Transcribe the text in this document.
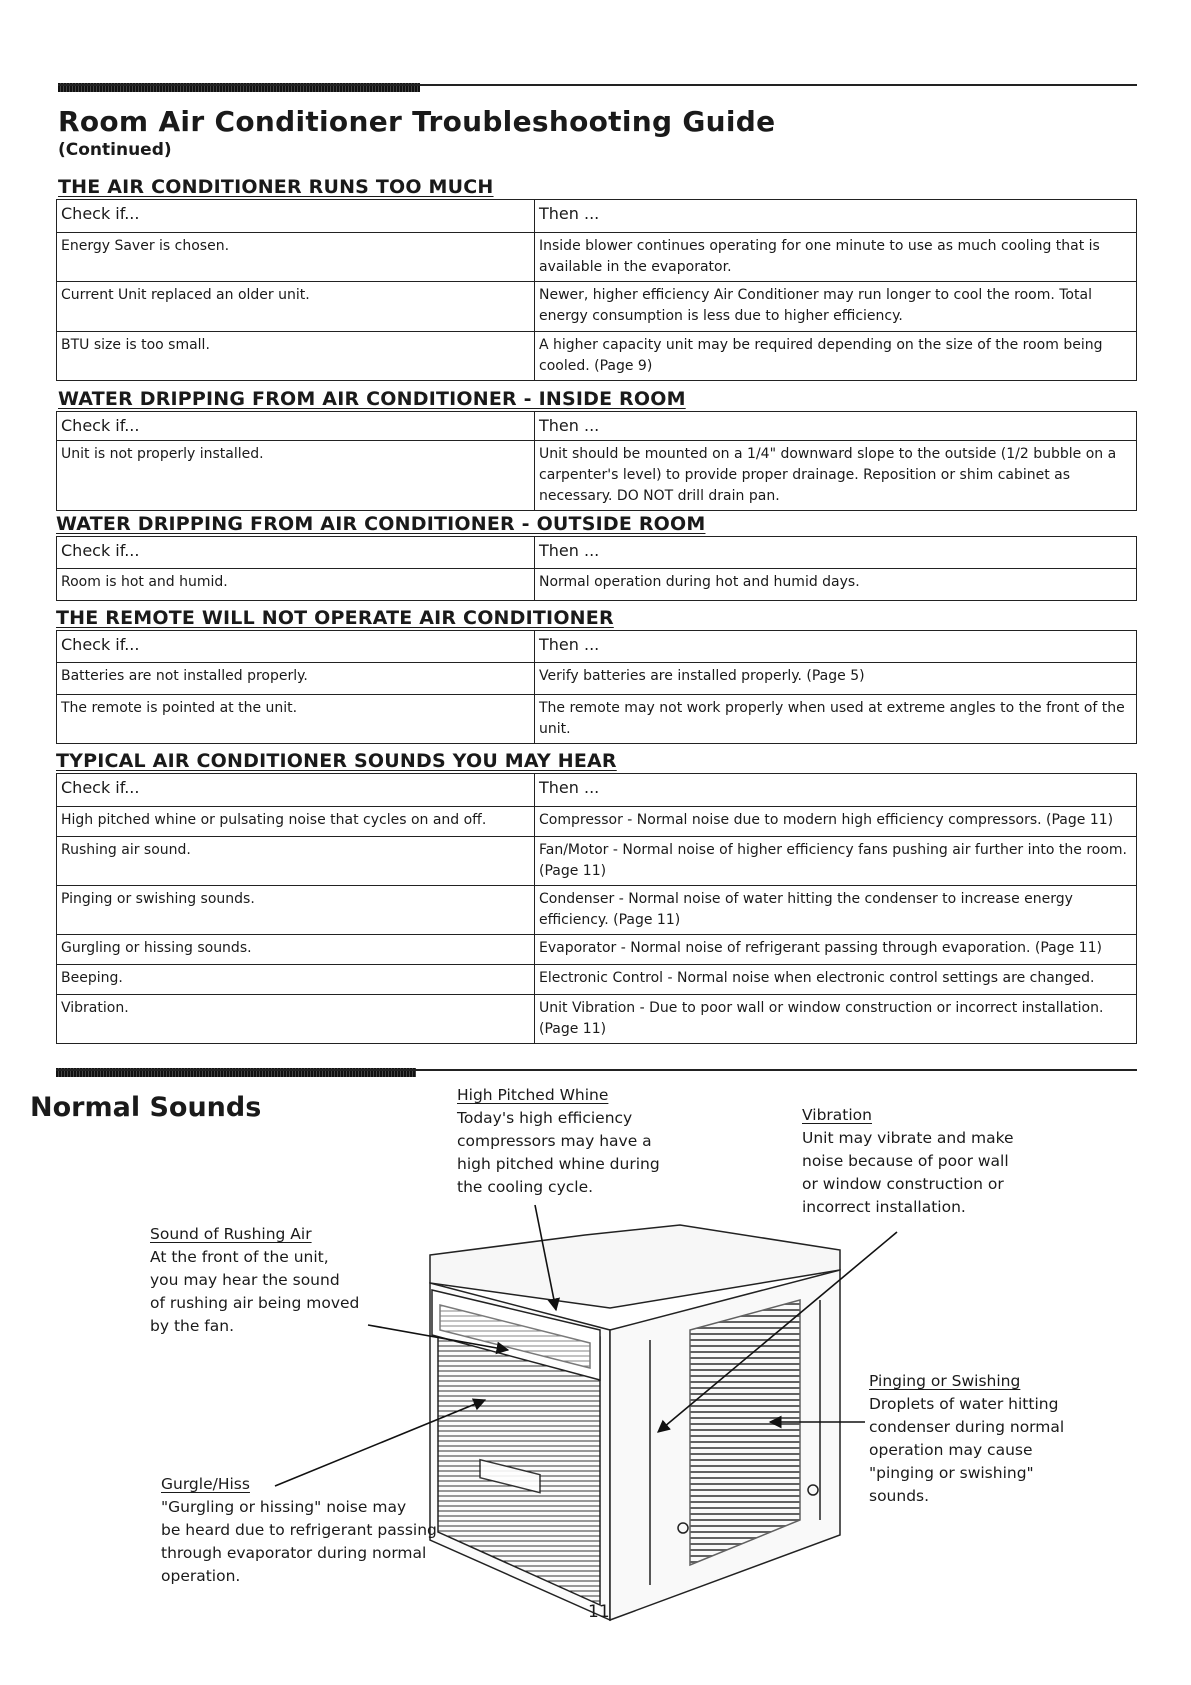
Room Air Conditioner Troubleshooting Guide
(Continued)
THE AIR CONDITIONER RUNS TOO MUCH
Check if...	Then ...
Energy Saver is chosen.	Inside blower continues operating for one minute to use as much cooling that is available in the evaporator.
Current Unit replaced an older unit.	Newer, higher efficiency Air Conditioner may run longer to cool the room. Total energy consumption is less due to higher efficiency.
BTU size is too small.	A higher capacity unit may be required depending on the size of the room being cooled. (Page 9)
WATER DRIPPING FROM AIR CONDITIONER - INSIDE ROOM
Check if...	Then ...
Unit is not properly installed.	Unit should be mounted on a 1/4" downward slope to the outside (1/2 bubble on a carpenter's level) to provide proper drainage. Reposition or shim cabinet as necessary. DO NOT drill drain pan.
WATER DRIPPING FROM AIR CONDITIONER - OUTSIDE ROOM
Check if...	Then ...
Room is hot and humid.	Normal operation during hot and humid days.
THE REMOTE WILL NOT OPERATE AIR CONDITIONER
Check if...	Then ...
Batteries are not installed properly.	Verify batteries are installed properly. (Page 5)
The remote is pointed at the unit.	The remote may not work properly when used at extreme angles to the front of the unit.
TYPICAL AIR CONDITIONER SOUNDS YOU MAY HEAR
Check if...	Then ...
High pitched whine or pulsating noise that cycles on and off.	Compressor - Normal noise due to modern high efficiency compressors. (Page 11)
Rushing air sound.	Fan/Motor - Normal noise of higher efficiency fans pushing air further into the room. (Page 11)
Pinging or swishing sounds.	Condenser - Normal noise of water hitting the condenser to increase energy efficiency. (Page 11)
Gurgling or hissing sounds.	Evaporator - Normal noise of refrigerant passing through evaporation. (Page 11)
Beeping.	Electronic Control - Normal noise when electronic control settings are changed.
Vibration.	Unit Vibration - Due to poor wall or window construction or incorrect installation. (Page 11)
Normal Sounds	High Pitched Whine
Today's high efficiency
compressors may have a
high pitched whine during
the cooling cycle.
Vibration
Unit may vibrate and make
noise because of poor wall
or window construction or
incorrect installation.
Sound of Rushing Air
At the front of the unit,
you may hear the sound
of rushing air being moved
by the fan.
Pinging or Swishing
Droplets of water hitting
condenser during normal
operation may cause
"pinging or swishing"
sounds.
Gurgle/Hiss
"Gurgling or hissing" noise may
be heard due to refrigerant passing
through evaporator during normal
operation.
11
